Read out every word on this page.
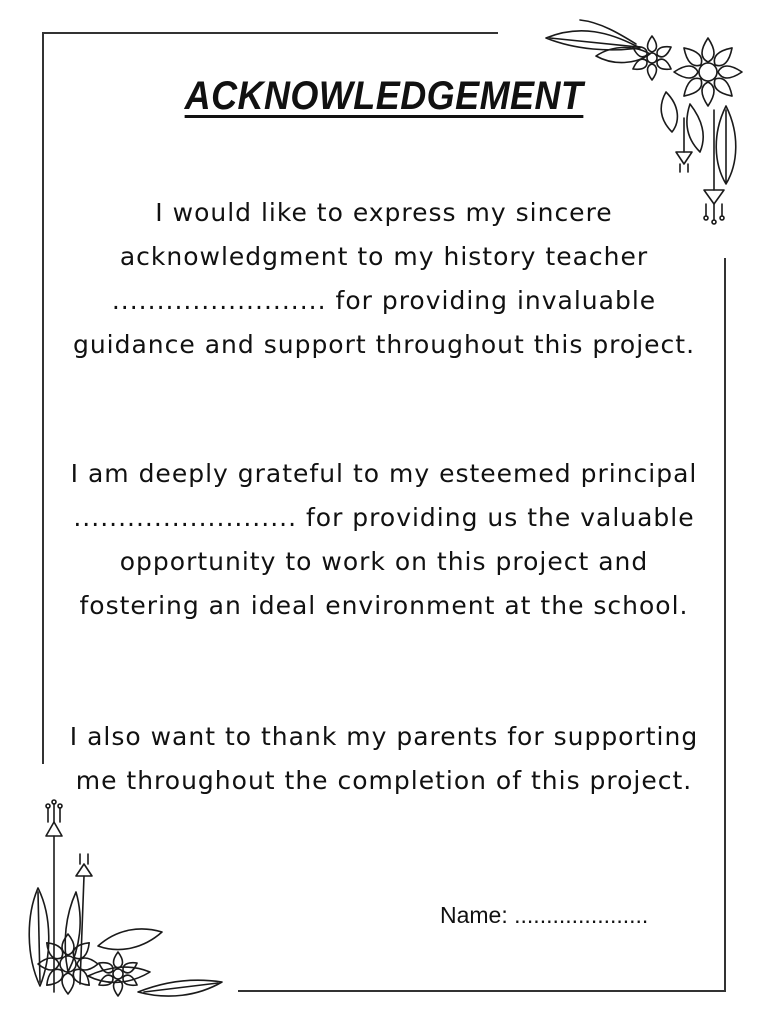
ACKNOWLEDGEMENT

I would like to express my sincere acknowledgment to my history teacher ........................ for providing invaluable guidance and support throughout this project.

I am deeply grateful to my esteemed principal ......................... for providing us the valuable opportunity to work on this project and fostering an ideal environment at the school.

I also want to thank my parents for supporting me throughout the completion of this project.

Name: .....................
